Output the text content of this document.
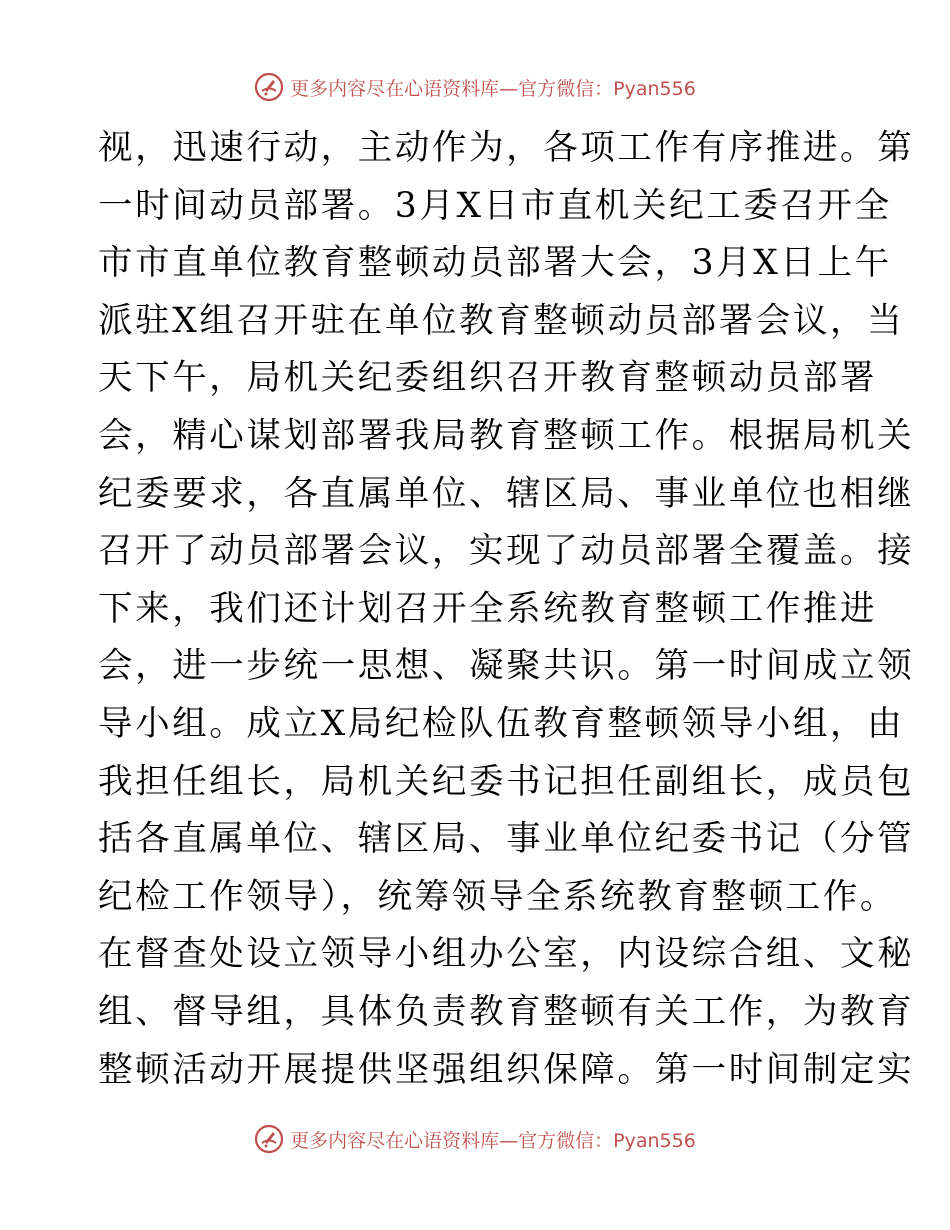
更多内容尽在心语资料库—官方微信：Pyan556
视，迅速行动，主动作为，各项工作有序推进。第
一时间动员部署。3月X日市直机关纪工委召开全
市市直单位教育整顿动员部署大会，3月X日上午
派驻X组召开驻在单位教育整顿动员部署会议，当
天下午，局机关纪委组织召开教育整顿动员部署
会，精心谋划部署我局教育整顿工作。根据局机关
纪委要求，各直属单位、辖区局、事业单位也相继
召开了动员部署会议，实现了动员部署全覆盖。接
下来，我们还计划召开全系统教育整顿工作推进
会，进一步统一思想、凝聚共识。第一时间成立领
导小组。成立X局纪检队伍教育整顿领导小组，由
我担任组长，局机关纪委书记担任副组长，成员包
括各直属单位、辖区局、事业单位纪委书记（分管
纪检工作领导），统筹领导全系统教育整顿工作。
在督查处设立领导小组办公室，内设综合组、文秘
组、督导组，具体负责教育整顿有关工作，为教育
整顿活动开展提供坚强组织保障。第一时间制定实
更多内容尽在心语资料库—官方微信：Pyan556
